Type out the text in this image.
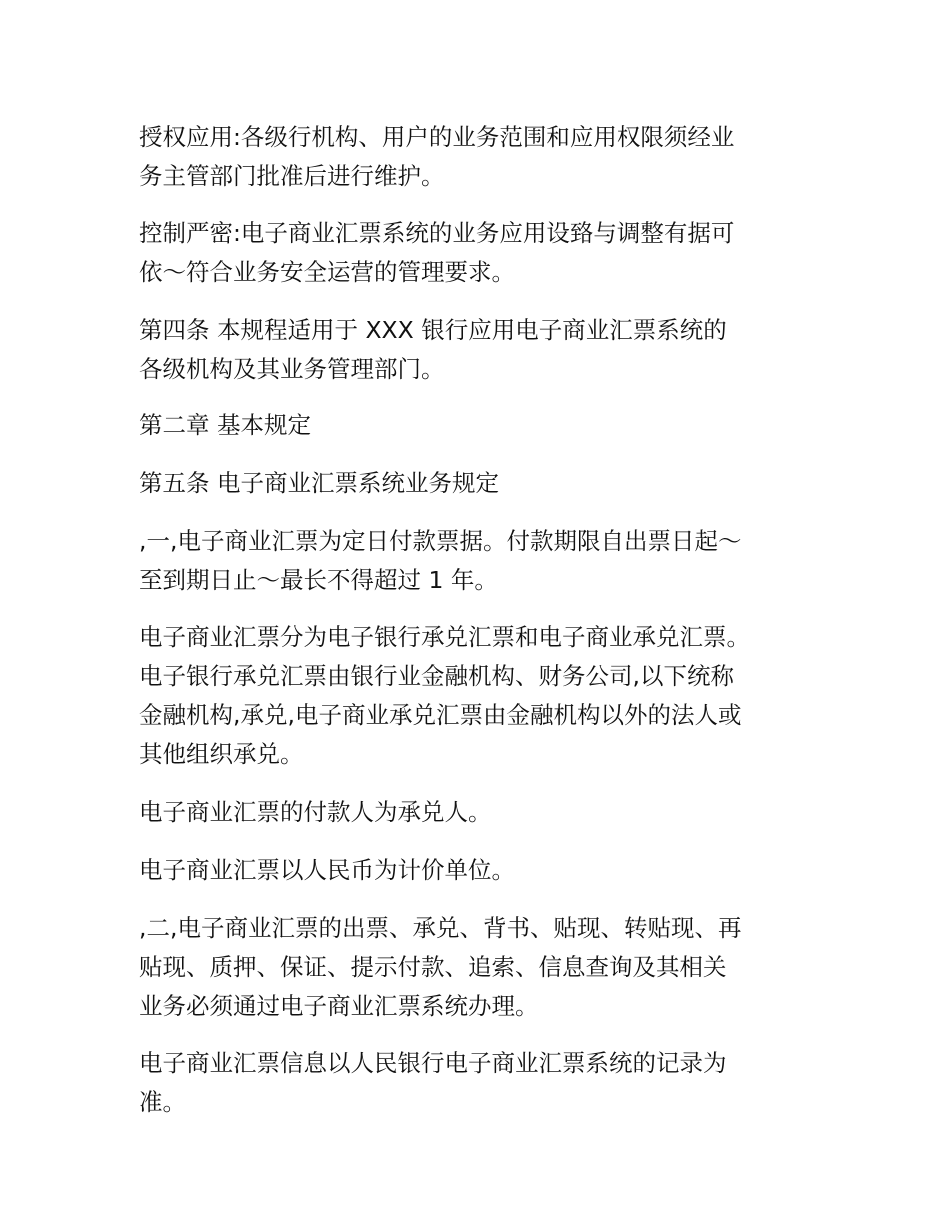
授权应用:各级行机构、用户的业务范围和应用权限须经业
务主管部门批准后进行维护。

控制严密:电子商业汇票系统的业务应用设臵与调整有据可
依～符合业务安全运营的管理要求。

第四条 本规程适用于 XXX 银行应用电子商业汇票系统的
各级机构及其业务管理部门。

第二章 基本规定

第五条 电子商业汇票系统业务规定

,一,电子商业汇票为定日付款票据。付款期限自出票日起～
至到期日止～最长不得超过 1 年。

电子商业汇票分为电子银行承兑汇票和电子商业承兑汇票。
电子银行承兑汇票由银行业金融机构、财务公司,以下统称
金融机构,承兑,电子商业承兑汇票由金融机构以外的法人或
其他组织承兑。

电子商业汇票的付款人为承兑人。

电子商业汇票以人民币为计价单位。

,二,电子商业汇票的出票、承兑、背书、贴现、转贴现、再
贴现、质押、保证、提示付款、追索、信息查询及其相关
业务必须通过电子商业汇票系统办理。

电子商业汇票信息以人民银行电子商业汇票系统的记录为
准。
